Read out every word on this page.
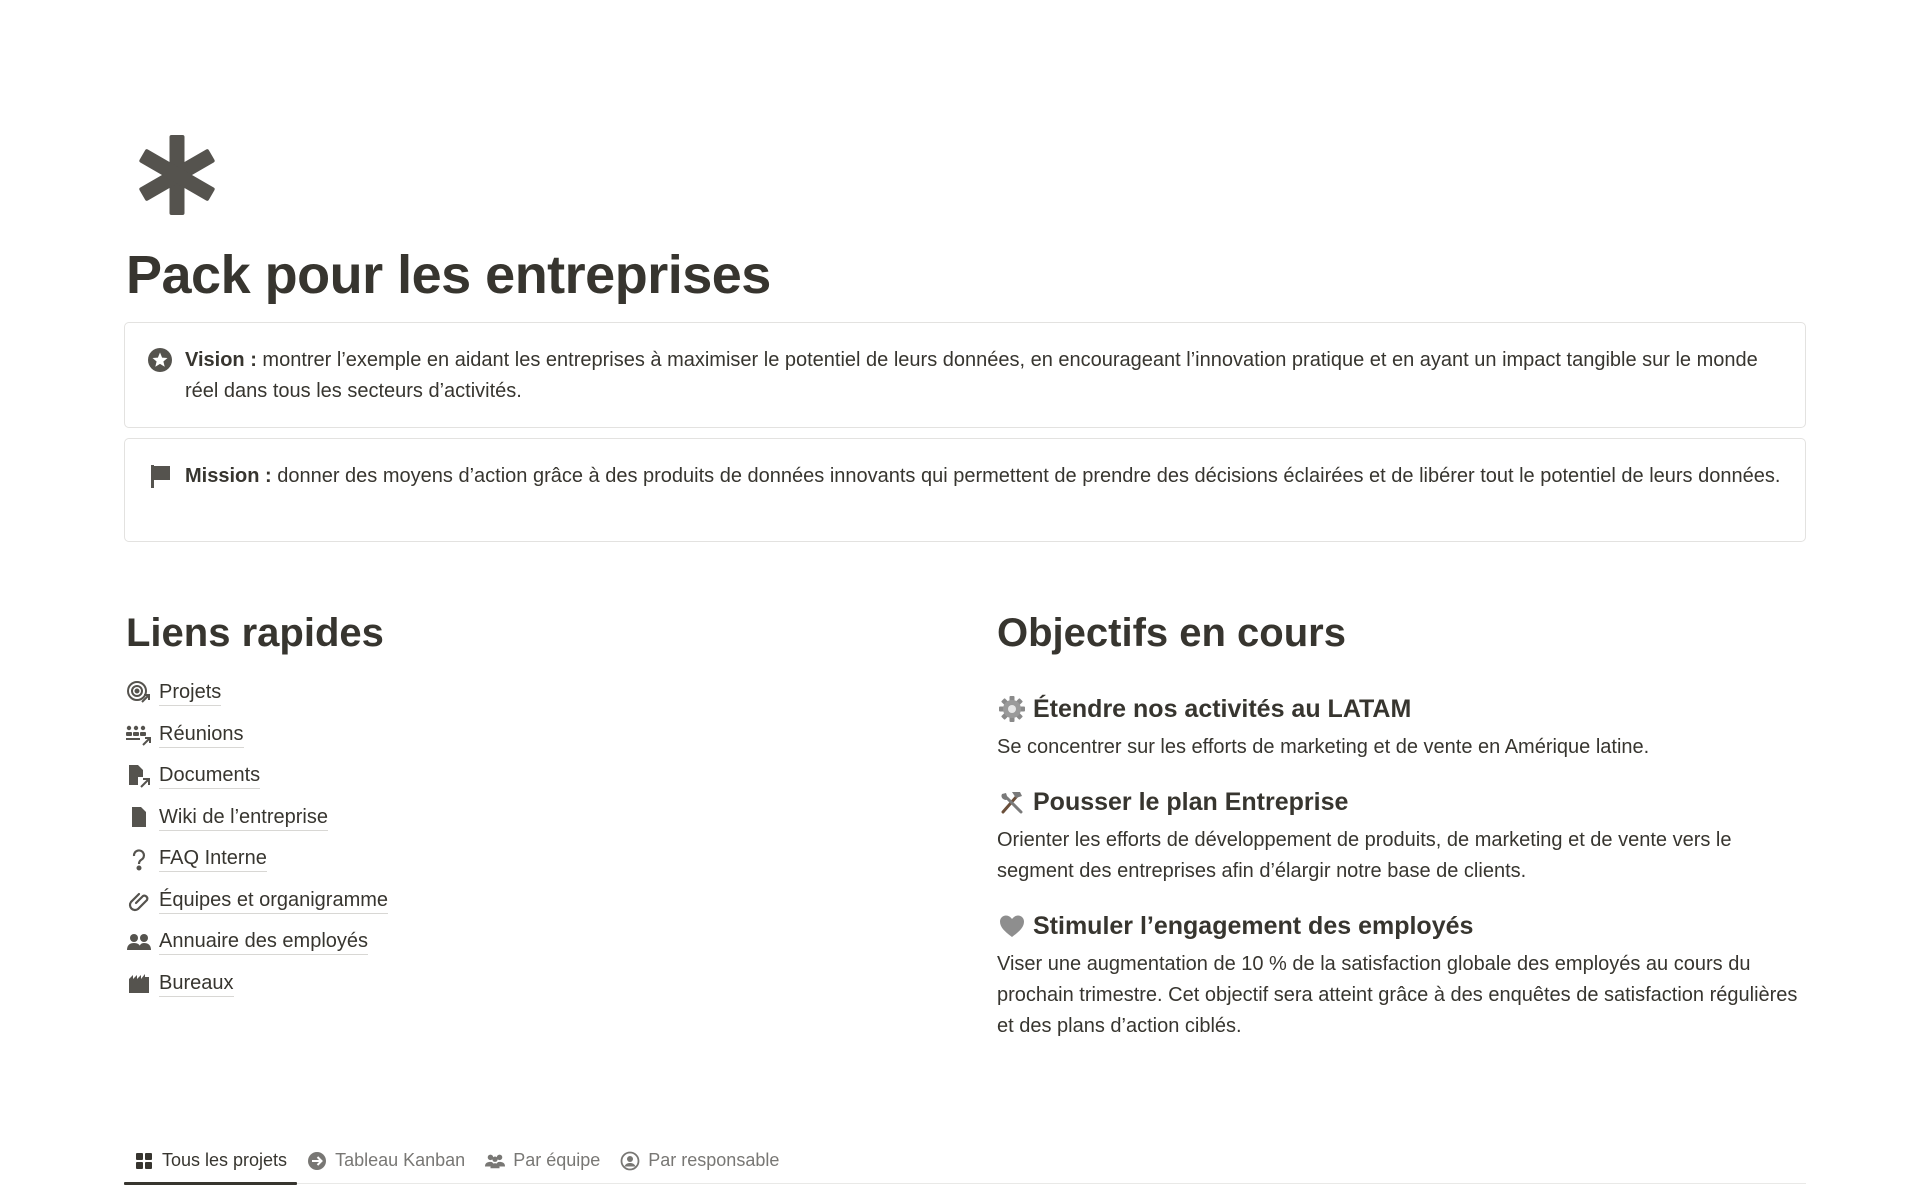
Pack pour les entreprises
Vision : montrer l’exemple en aidant les entreprises à maximiser le potentiel de leurs données, en encourageant l’innovation pratique et en ayant un impact tangible sur le monde réel dans tous les secteurs d’activités.
Mission : donner des moyens d’action grâce à des produits de données innovants qui permettent de prendre des décisions éclairées et de libérer tout le potentiel de leurs données.
Liens rapides
Projets
Réunions
Documents
Wiki de l’entreprise
FAQ Interne
Équipes et organigramme
Annuaire des employés
Bureaux
Objectifs en cours
Étendre nos activités au LATAM
Se concentrer sur les efforts de marketing et de vente en Amérique latine.
Pousser le plan Entreprise
Orienter les efforts de développement de produits, de marketing et de vente vers le segment des entreprises afin d’élargir notre base de clients.
Stimuler l’engagement des employés
Viser une augmentation de 10 % de la satisfaction globale des employés au cours du prochain trimestre. Cet objectif sera atteint grâce à des enquêtes de satisfaction régulières et des plans d’action ciblés.
Tous les projets	Tableau Kanban	Par équipe	Par responsable
